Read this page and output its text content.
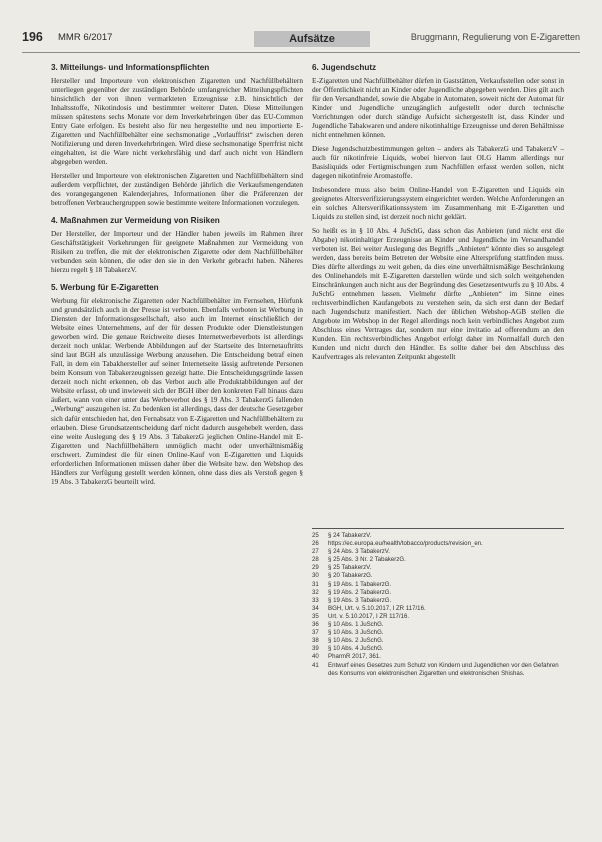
196 MMR 6/2017	Aufsätze	Bruggmann, Regulierung von E-Zigaretten
3. Mitteilungs- und Informationspflichten

Hersteller und Importeure von elektronischen Zigaretten und Nachfüllbehältern unterliegen gegenüber der zuständigen Behörde umfangreicher Mitteilungspflichten hinsichtlich der von ihnen vermarkteten Erzeugnisse z.B. hinsichtlich der Inhaltsstoffe, Nikotindosis und bestimmter weiterer Daten. Diese Mitteilungen müssen spätestens sechs Monate vor dem Inverkehrbringen über das EU-Common Entry Gate erfolgen. Es besteht also für neu hergestellte und neu importierte E-Zigaretten und Nachfüllbehälter eine sechsmonatige „Vorlauffrist“ zwischen deren Notifizierung und deren Inverkehrbringen. Wird diese sechsmonatige Sperrfrist nicht eingehalten, ist die Ware nicht verkehrsfähig und darf auch nicht von Händlern abgegeben werden.

Hersteller und Importeure von elektronischen Zigaretten und Nachfüllbehältern sind außerdem verpflichtet, der zuständigen Behörde jährlich die Verkaufsmengendaten des vorangegangenen Kalenderjahres, Informationen über die Präferenzen der betroffenen Verbrauchergruppen sowie bestimmte weitere Informationen vorzulegen.

4. Maßnahmen zur Vermeidung von Risiken

Der Hersteller, der Importeur und der Händler haben jeweils im Rahmen ihrer Geschäftstätigkeit Vorkehrungen für geeignete Maßnahmen zur Vermeidung von Risiken zu treffen, die mit der elektronischen Zigarette oder dem Nachfüllbehälter verbunden sein können, die oder den sie in den Verkehr gebracht haben. Näheres hierzu regelt § 18 TabakerzV.

5. Werbung für E-Zigaretten

Werbung für elektronische Zigaretten oder Nachfüllbehälter im Fernsehen, Hörfunk und grundsätzlich auch in der Presse ist verboten. Ebenfalls verboten ist Werbung in Diensten der Informationsgesellschaft, also auch im Internet einschließlich der Website eines Unternehmens, auf der für dessen Produkte oder Dienstleistungen geworben wird. Die genaue Reichweite dieses Internetwerbeverbots ist allerdings derzeit noch unklar. Werbende Abbildungen auf der Startseite des Internetauftritts sind laut BGH als unzulässige Werbung anzusehen. Die Entscheidung betraf einen Fall, in dem ein Tabakhersteller auf seiner Internetseite lässig auftretende Personen beim Konsum von Tabakerzeugnissen gezeigt hatte. Die Entscheidungsgründe lassen derzeit noch nicht erkennen, ob das Verbot auch alle Produktabbildungen auf der Website erfasst, ob und inwieweit sich der BGH über den konkreten Fall hinaus dazu äußert, wann von einer unter das Werbeverbot des § 19 Abs. 3 TabakerzG fallenden „Werbung“ auszugehen ist. Zu bedenken ist allerdings, dass der deutsche Gesetzgeber sich dafür entschieden hat, den Fernabsatz von E-Zigaretten und Nachfüllbehältern zu erlauben. Diese Grundsatzentscheidung darf nicht dadurch ausgehebelt werden, dass eine weite Auslegung des § 19 Abs. 3 TabakerzG jeglichen Online-Handel mit E-Zigaretten und Nachfüllbehältern unmöglich macht oder unverhältnismäßig erschwert. Zumindest die für einen Online-Kauf von E-Zigaretten und Liquids erforderlichen Informationen müssen daher über die Website bzw. den Webshop des Händlers zur Verfügung gestellt werden können, ohne dass dies als Verstoß gegen § 19 Abs. 3 TabakerzG beurteilt wird.

6. Jugendschutz

E-Zigaretten und Nachfüllbehälter dürfen in Gaststätten, Verkaufsstellen oder sonst in der Öffentlichkeit nicht an Kinder oder Jugendliche abgegeben werden. Dies gilt auch für den Versandhandel, sowie die Abgabe in Automaten, soweit nicht der Automat für Kinder und Jugendliche unzugänglich aufgestellt oder durch technische Vorrichtungen oder durch ständige Aufsicht sichergestellt ist, dass Kinder und Jugendliche Tabakwaren und andere nikotinhaltige Erzeugnisse und deren Behältnisse nicht entnehmen können.

Diese Jugendschutzbestimmungen gelten – anders als TabakerzG und TabakerzV – auch für nikotinfreie Liquids, wobei hiervon laut OLG Hamm allerdings nur Basisliquids oder Fertigmischungen zum Nachfüllen erfasst werden sollen, nicht dagegen nikotinfreie Aromastoffe.

Insbesondere muss also beim Online-Handel von E-Zigaretten und Liquids ein geeignetes Altersverifizierungssystem eingerichtet werden. Welche Anforderungen an ein solches Altersverifikationssystem im Zusammenhang mit E-Zigaretten und Liquids zu stellen sind, ist derzeit noch nicht geklärt.

So heißt es in § 10 Abs. 4 JuSchG, dass schon das Anbieten (und nicht erst die Abgabe) nikotinhaltiger Erzeugnisse an Kinder und Jugendliche im Versandhandel verboten ist. Bei weiter Auslegung des Begriffs „Anbieten“ könnte dies so ausgelegt werden, dass bereits beim Betreten der Website eine Altersprüfung stattfinden muss. Dies dürfte allerdings zu weit gehen, da dies eine unverhältnismäßige Beschränkung des Onlinehandels mit E-Zigaretten darstellen würde und sich solch weitgehenden Einschränkungen auch nicht aus der Begründung des Gesetzesentwurfs zu § 10 Abs. 4 JuSchG entnehmen lassen. Vielmehr dürfte „Anbieten“ im Sinne eines rechtsverbindlichen Kaufangebots zu verstehen sein, da sich erst dann der Bedarf nach Jugendschutz manifestiert. Nach der üblichen Webshop-AGB stellen die Angebote im Webshop in der Regel allerdings noch kein verbindliches Angebot zum Abschluss eines Vertrages dar, sondern nur eine invitatio ad offerendum an den Kunden. Ein rechtsverbindliches Angebot erfolgt daher im Normalfall durch den Kunden und nicht durch den Händler. Es sollte daher bei den Abschluss des Kaufvertrages als relevanten Zeitpunkt abgestellt

25	§ 24 TabakerzV.
26	https://ec.europa.eu/health/tobacco/products/revision_en.
27	§ 24 Abs. 3 TabakerzV.
28	§ 25 Abs. 3 Nr. 2 TabakerzG.
29	§ 25 TabakerzV.
30	§ 20 TabakerzG.
31	§ 19 Abs. 1 TabakerzG.
32	§ 19 Abs. 2 TabakerzG.
33	§ 19 Abs. 3 TabakerzG.
34	BGH, Urt. v. 5.10.2017, I ZR 117/16.
35	Urt. v. 5.10.2017, I ZR 117/16.
36	§ 10 Abs. 1 JuSchG.
37	§ 10 Abs. 3 JuSchG.
38	§ 10 Abs. 2 JuSchG.
39	§ 10 Abs. 4 JuSchG.
40	PharmR 2017, 361.
41	Entwurf eines Gesetzes zum Schutz von Kindern und Jugendlichen vor den Gefahren des Konsums von elektronischen Zigaretten und elektronischen Shishas.
